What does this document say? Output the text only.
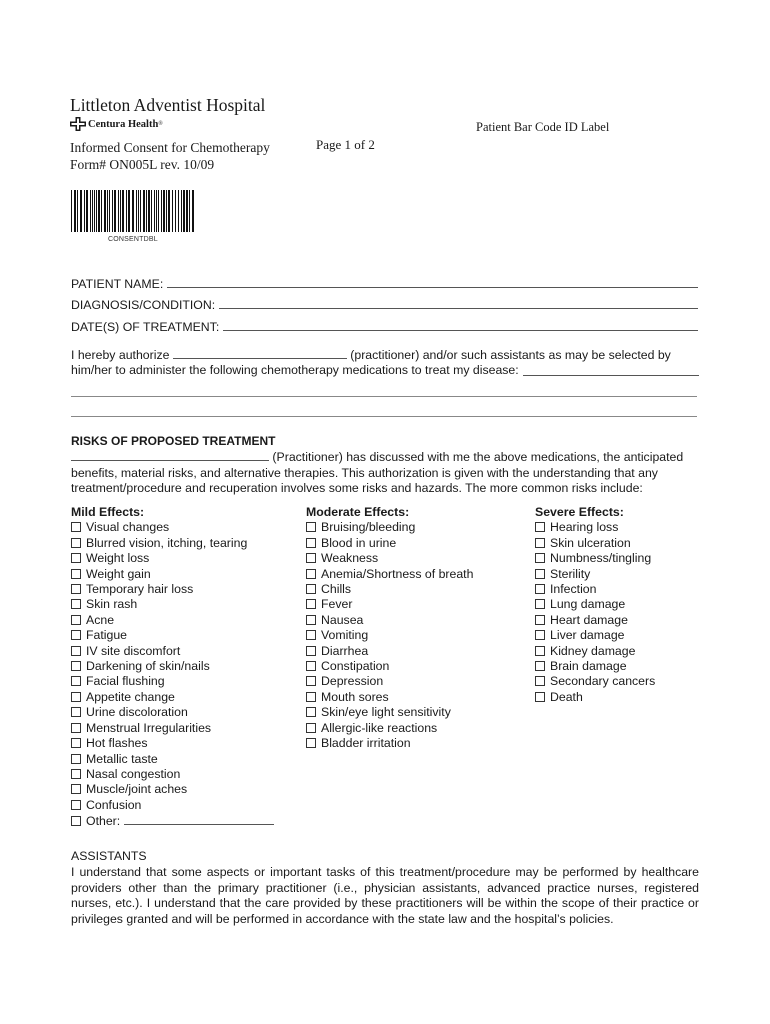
Littleton Adventist Hospital
Centura Health ®
Informed Consent for Chemotherapy
Form# ON005L rev. 10/09
Page 1 of 2
Patient Bar Code ID Label
CONSENTDBL
PATIENT NAME:
DIAGNOSIS/CONDITION:
DATE(S) OF TREATMENT:
I hereby authorize	(practitioner) and/or such assistants as may be selected by
him/her to administer the following chemotherapy medications to treat my disease:
RISKS OF PROPOSED TREATMENT
(Practitioner) has discussed with me the above medications, the anticipated
benefits, material risks, and alternative therapies. This authorization is given with the understanding that any
treatment/procedure and recuperation involves some risks and hazards. The more common risks include:
Mild Effects:
Visual changes
Blurred vision, itching, tearing
Weight loss
Weight gain
Temporary hair loss
Skin rash
Acne
Fatigue
IV site discomfort
Darkening of skin/nails
Facial flushing
Appetite change
Urine discoloration
Menstrual Irregularities
Hot flashes
Metallic taste
Nasal congestion
Muscle/joint aches
Confusion
Other:
Moderate Effects:
Bruising/bleeding
Blood in urine
Weakness
Anemia/Shortness of breath
Chills
Fever
Nausea
Vomiting
Diarrhea
Constipation
Depression
Mouth sores
Skin/eye light sensitivity
Allergic-like reactions
Bladder irritation
Severe Effects:
Hearing loss
Skin ulceration
Numbness/tingling
Sterility
Infection
Lung damage
Heart damage
Liver damage
Kidney damage
Brain damage
Secondary cancers
Death
ASSISTANTS
I understand that some aspects or important tasks of this treatment/procedure may be performed by healthcare providers other than the primary practitioner (i.e., physician assistants, advanced practice nurses, registered nurses, etc.). I understand that the care provided by these practitioners will be within the scope of their practice or privileges granted and will be performed in accordance with the state law and the hospital’s policies.
